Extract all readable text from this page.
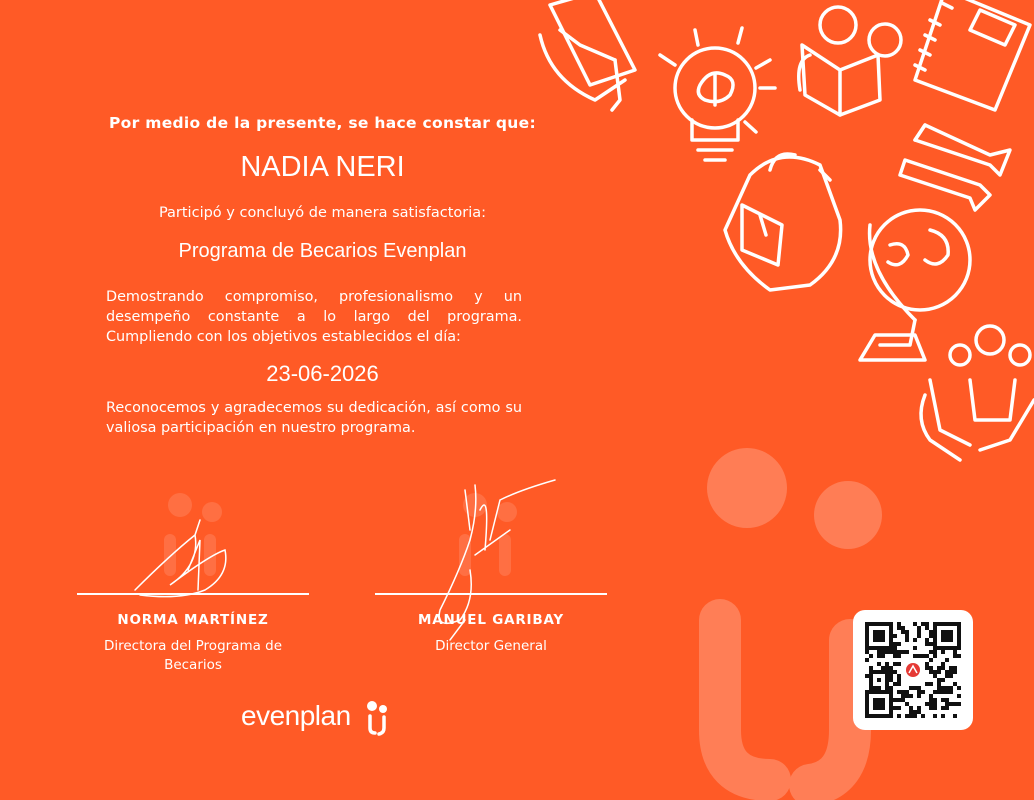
Por medio de la presente, se hace constar que:
NADIA NERI
Participó y concluyó de manera satisfactoria:
Programa de Becarios Evenplan
Demostrando compromiso, profesionalismo y un desempeño constante a lo largo del programa. Cumpliendo con los objetivos establecidos el día:
23-06-2026
Reconocemos y agradecemos su dedicación, así como su valiosa participación en nuestro programa.
NORMA MARTÍNEZ
Directora del Programa de Becarios
MANUEL GARIBAY
Director General
evenplan
